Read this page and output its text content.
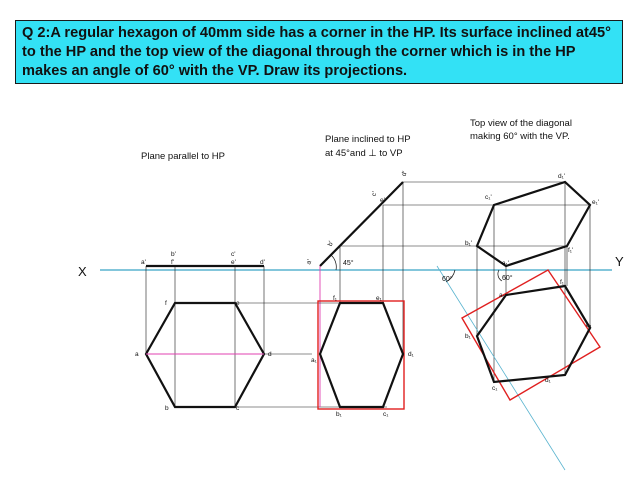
Q 2:A regular hexagon of 40mm side has a corner in the HP. Its surface inclined at45° to the HP and the top view of the diagonal through the corner which is in the HP makes an angle of 60° with the VP. Draw its projections.
X
Y
Plane parallel to HP
a'
b'
f'
c'
e'	d'
a
b	c
d
e
f
Plane inclined to HP
at 45°and ⊥ to VP
45°
a'
b'
c'
e'
d'
a₁
b₁	c₁
d₁
e₁
f₁
Top view of the diagonal
making 60° with the VP.
60°	60°
a₁'
b₁'
c₁'
d₁'
e₁'
f₁'
a₁
b₁
c₁
d₁
e₁
f₁
